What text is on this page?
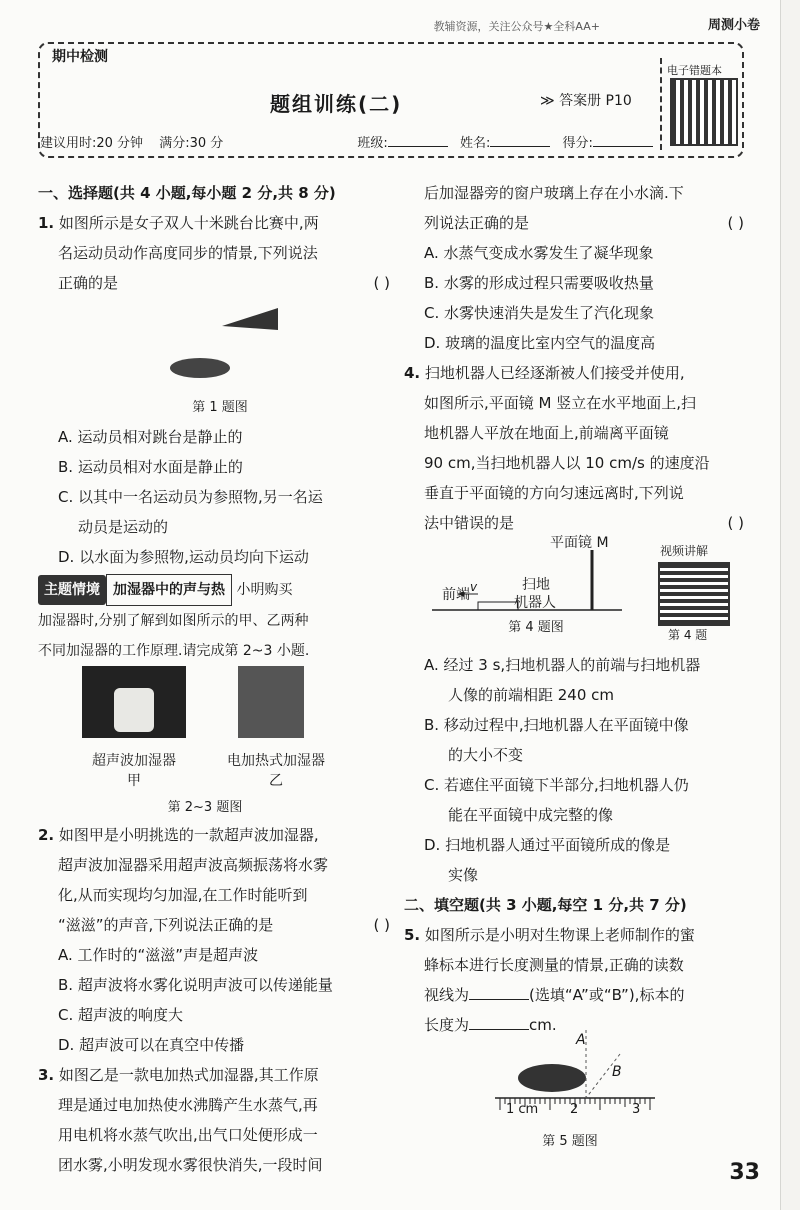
教辅资源，关注公众号★全科AA+	周测小卷
期中检测
题组训练(二)	≫ 答案册 P10
电子错题本
建议用时:20 分钟 满分:30 分	班级:	姓名:	得分:

一、选择题(共 4 小题,每小题 2 分,共 8 分)

1. 如图所示是女子双人十米跳台比赛中,两

名运动员动作高度同步的情景,下列说法

正确的是	( )

第 1 题图

A. 运动员相对跳台是静止的

B. 运动员相对水面是静止的

C. 以其中一名运动员为参照物,另一名运

动员是运动的

D. 以水面为参照物,运动员均向下运动

主题情境 加湿器中的声与热 小明购买

加湿器时,分别了解到如图所示的甲、乙两种

不同加湿器的工作原理.请完成第 2~3 小题.

超声波加湿器
甲
电加热式加湿器
乙
第 2~3 题图

2. 如图甲是小明挑选的一款超声波加湿器,

超声波加湿器采用超声波高频振荡将水雾

化,从而实现均匀加湿,在工作时能听到

“滋滋”的声音,下列说法正确的是	( )

A. 工作时的“滋滋”声是超声波

B. 超声波将水雾化说明声波可以传递能量

C. 超声波的响度大

D. 超声波可以在真空中传播

3. 如图乙是一款电加热式加湿器,其工作原

理是通过电加热使水沸腾产生水蒸气,再

用电机将水蒸气吹出,出气口处便形成一

团水雾,小明发现水雾很快消失,一段时间

后加湿器旁的窗户玻璃上存在小水滴.下

列说法正确的是	( )

A. 水蒸气变成水雾发生了凝华现象

B. 水雾的形成过程只需要吸收热量

C. 水雾快速消失是发生了汽化现象

D. 玻璃的温度比室内空气的温度高

4. 扫地机器人已经逐渐被人们接受并使用,

如图所示,平面镜 M 竖立在水平地面上,扫

地机器人平放在地面上,前端离平面镜

90 cm,当扫地机器人以 10 cm/s 的速度沿

垂直于平面镜的方向匀速远离时,下列说

法中错误的是	( )

平面镜 M
前端 v	扫地
机器人
第 4 题图
视频讲解
第 4 题

A. 经过 3 s,扫地机器人的前端与扫地机器

人像的前端相距 240 cm

B. 移动过程中,扫地机器人在平面镜中像

的大小不变

C. 若遮住平面镜下半部分,扫地机器人仍

能在平面镜中成完整的像

D. 扫地机器人通过平面镜所成的像是

实像

二、填空题(共 3 小题,每空 1 分,共 7 分)

5. 如图所示是小明对生物课上老师制作的蜜

蜂标本进行长度测量的情景,正确的读数

视线为	(选填“A”或“B”),标本的

长度为	cm.

A
B
1 cm 2	3
第 5 题图
33
